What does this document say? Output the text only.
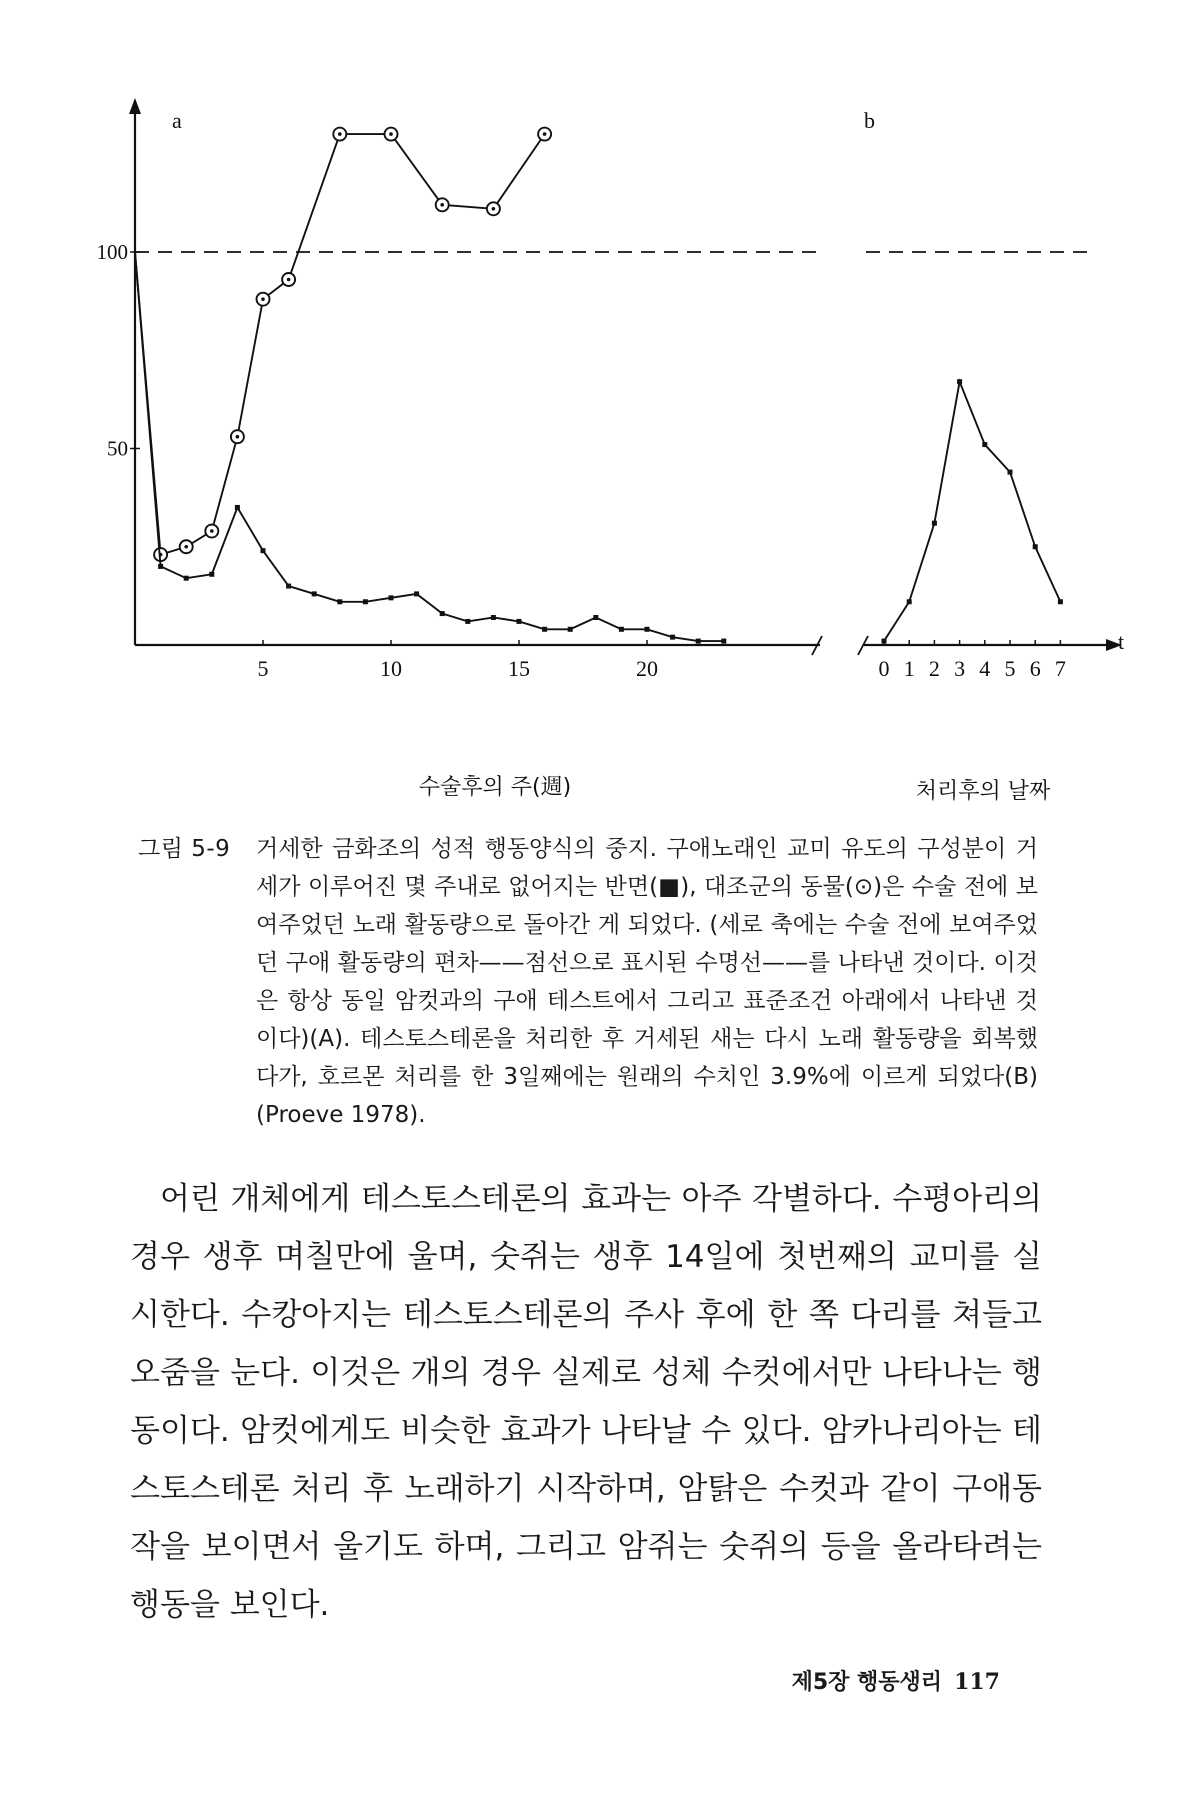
a	b
t
수술후의 주(週)	처리후의 날짜
5	10	15	20
50
100
0 1 2 3 4 5 6 7
그림 5-9	거세한 금화조의 성적 행동양식의 중지. 구애노래인 교미 유도의 구성분이 거세가 이루어진 몇 주내로 없어지는 반면(■), 대조군의 동물(⊙)은 수술 전에 보여주었던 노래 활동량으로 돌아간 게 되었다. (세로 축에는 수술 전에 보여주었던 구애 활동량의 편차——점선으로 표시된 수명선——를 나타낸 것이다. 이것은 항상 동일 암컷과의 구애 테스트에서 그리고 표준조건 아래에서 나타낸 것이다)(A). 테스토스테론을 처리한 후 거세된 새는 다시 노래 활동량을 회복했다가, 호르몬 처리를 한 3일째에는 원래의 수치인 3.9%에 이르게 되었다(B)(Proeve 1978).

어린 개체에게 테스토스테론의 효과는 아주 각별하다. 수평아리의 경우 생후 며칠만에 울며, 숫쥐는 생후 14일에 첫번째의 교미를 실시한다. 수캉아지는 테스토스테론의 주사 후에 한 쪽 다리를 쳐들고 오줌을 눈다. 이것은 개의 경우 실제로 성체 수컷에서만 나타나는 행동이다. 암컷에게도 비슷한 효과가 나타날 수 있다. 암카나리아는 테스토스테론 처리 후 노래하기 시작하며, 암탉은 수컷과 같이 구애동작을 보이면서 울기도 하며, 그리고 암쥐는 숫쥐의 등을 올라타려는 행동을 보인다.

제5장 행동생리 117
